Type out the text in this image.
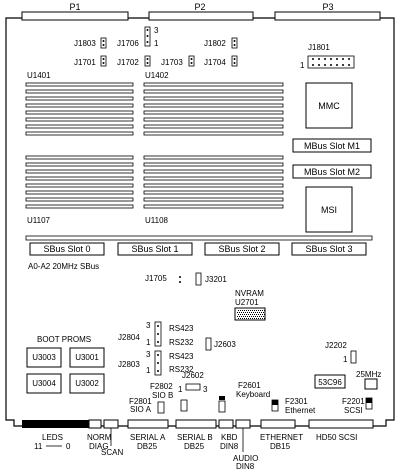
P1	P2	P3
J1803	J1706	J1802
J1701	J1702	J1703	J1704
J1801
3
1
1
U1401	U1402
U1107	U1108
MMC
MBus Slot M1
MBus Slot M2
MSI
SBus Slot 0	SBus Slot 1	SBus Slot 2	SBus Slot 3
A0-A2 20MHz SBus
J1705	J3201
NVRAM
U2701
J2804
J2803
3
1
3
1
RS423
RS232
RS423
RS232
J2603	J2202
1
BOOT PROMS
U3003 U3001
U3004 U3002	53C96
25MHz
J2602
1	3
F2802
SIO B
F2801
SIO A
F2601
Keyboard
F2301
Ethernet
F2201
SCSI
LEDS
11	0
NORM
DIAG
SCAN
SERIAL A
DB25
SERIAL B
DB25
KBD
DIN8
AUDIO
DIN8
ETHERNET
DB15
HD50 SCSI
